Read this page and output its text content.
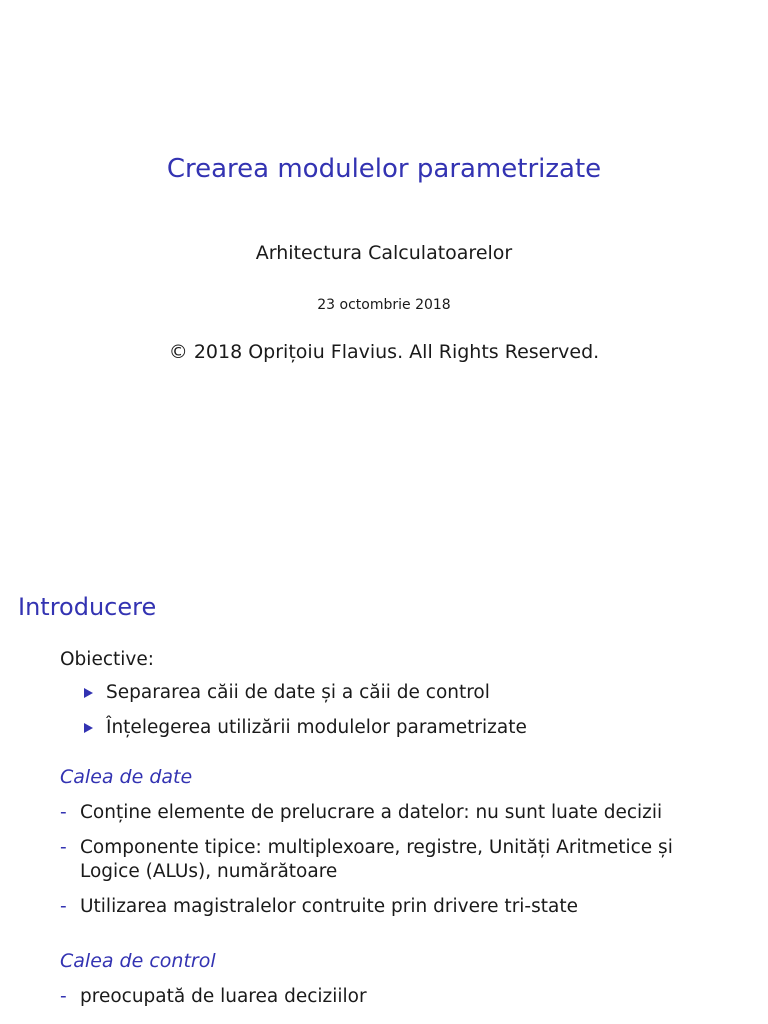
Crearea modulelor parametrizate
Arhitectura Calculatoarelor
23 octombrie 2018
© 2018 Oprițoiu Flavius. All Rights Reserved.
Introducere
Obiective:
Separarea căii de date și a căii de control
Înțelegerea utilizării modulelor parametrizate
Calea de date
- Conține elemente de prelucrare a datelor: nu sunt luate decizii
- Componente tipice: multiplexoare, registre, Unități Aritmetice și Logice (ALUs), numărătoare
- Utilizarea magistralelor contruite prin drivere tri-state
Calea de control
- preocupată de luarea deciziilor
